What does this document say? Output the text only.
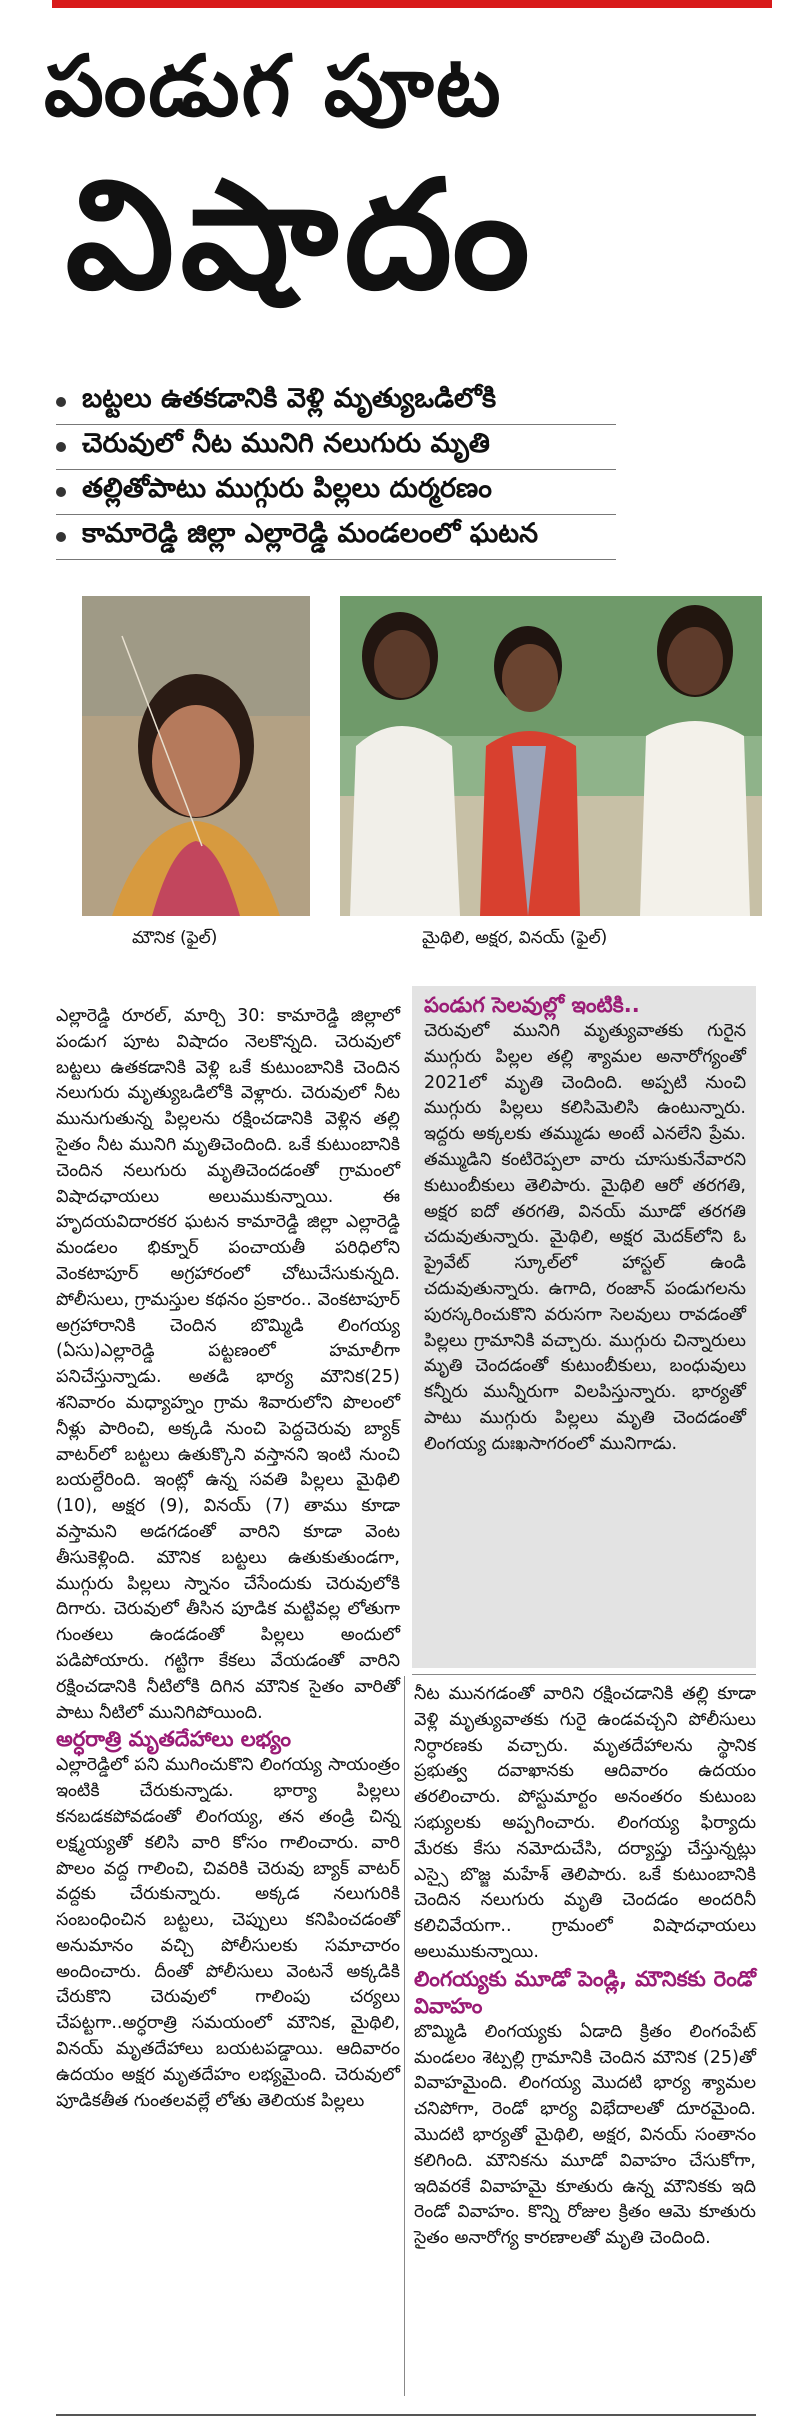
పండుగ పూట
విషాదం
బట్టలు ఉతకడానికి వెళ్లి మృత్యుఒడిలోకి
చెరువులో నీట మునిగి నలుగురు మృతి
తల్లితోపాటు ముగ్గురు పిల్లలు దుర్మరణం
కామారెడ్డి జిల్లా ఎల్లారెడ్డి మండలంలో ఘటన
మౌనిక (ఫైల్)	మైథిలి, అక్షర, వినయ్ (ఫైల్)

ఎల్లారెడ్డి రూరల్, మార్చి 30: కామారెడ్డి జిల్లాలో పండుగ పూట విషాదం నెలకొన్నది. చెరువులో బట్టలు ఉతకడానికి వెళ్లి ఒకే కుటుంబానికి చెందిన నలుగురు మృత్యుఒడిలోకి వెళ్లారు. చెరువులో నీట మునుగుతున్న పిల్లలను రక్షించడానికి వెళ్లిన తల్లి సైతం నీట మునిగి మృతిచెందింది. ఒకే కుటుంబానికి చెందిన నలుగురు మృతిచెందడంతో గ్రామంలో విషాదఛాయలు అలుముకున్నాయి. ఈ హృదయవిదారకర ఘటన కామారెడ్డి జిల్లా ఎల్లారెడ్డి మండలం భిక్నూర్ పంచాయతీ పరిధిలోని వెంకటాపూర్ అగ్రహారంలో చోటుచేసుకున్నది. పోలీసులు, గ్రామస్తుల కథనం ప్రకారం.. వెంకటాపూర్ అగ్రహారానికి చెందిన బొమ్మిడి లింగయ్య (ఏసు)ఎల్లారెడ్డి పట్టణంలో హమాలీగా పనిచేస్తున్నాడు. అతడి భార్య మౌనిక(25) శనివారం మధ్యాహ్నం గ్రామ శివారులోని పొలంలో నీళ్లు పారించి, అక్కడి నుంచి పెద్దచెరువు బ్యాక్ వాటర్‌లో బట్టలు ఉతుక్కొని వస్తానని ఇంటి నుంచి బయల్దేరింది. ఇంట్లో ఉన్న సవతి పిల్లలు మైథిలి (10), అక్షర (9), వినయ్ (7) తాము కూడా వస్తామని అడగడంతో వారిని కూడా వెంట తీసుకెళ్లింది. మౌనిక బట్టలు ఉతుకుతుండగా, ముగ్గురు పిల్లలు స్నానం చేసేందుకు చెరువులోకి దిగారు. చెరువులో తీసిన పూడిక మట్టివల్ల లోతుగా గుంతలు ఉండడంతో పిల్లలు అందులో పడిపోయారు. గట్టిగా కేకలు వేయడంతో వారిని రక్షించడానికి నీటిలోకి దిగిన మౌనిక సైతం వారితో పాటు నీటిలో మునిగిపోయింది.

అర్ధరాత్రి మృతదేహాలు లభ్యం

ఎల్లారెడ్డిలో పని ముగించుకొని లింగయ్య సాయంత్రం ఇంటికి చేరుకున్నాడు. భార్యా పిల్లలు కనబడకపోవడంతో లింగయ్య, తన తండ్రి చిన్న లక్ష్మయ్యతో కలిసి వారి కోసం గాలించారు. వారి పొలం వద్ద గాలించి, చివరికి చెరువు బ్యాక్ వాటర్ వద్దకు చేరుకున్నారు. అక్కడ నలుగురికి సంబంధించిన బట్టలు, చెప్పులు కనిపించడంతో అనుమానం వచ్చి పోలీసులకు సమాచారం అందించారు. దీంతో పోలీసులు వెంటనే అక్కడికి చేరుకొని చెరువులో గాలింపు చర్యలు చేపట్టగా..అర్ధరాత్రి సమయంలో మౌనిక, మైథిలి, వినయ్ మృతదేహాలు బయటపడ్డాయి. ఆదివారం ఉదయం అక్షర మృతదేహం లభ్యమైంది. చెరువులో పూడికతీత గుంతలవల్లే లోతు తెలియక పిల్లలు

పండుగ సెలవుల్లో ఇంటికి..

చెరువులో మునిగి మృత్యువాతకు గురైన ముగ్గురు పిల్లల తల్లి శ్యామల అనారోగ్యంతో 2021లో మృతి చెందింది. అప్పటి నుంచి ముగ్గురు పిల్లలు కలిసిమెలిసి ఉంటున్నారు. ఇద్దరు అక్కలకు తమ్ముడు అంటే ఎనలేని ప్రేమ. తమ్ముడిని కంటిరెప్పలా వారు చూసుకునేవారని కుటుంబీకులు తెలిపారు. మైథిలి ఆరో తరగతి, అక్షర ఐదో తరగతి, వినయ్ మూడో తరగతి చదువుతున్నారు. మైథిలి, అక్షర మెదక్‌లోని ఓ ప్రైవేట్ స్కూల్‌లో హాస్టల్ ఉండి చదువుతున్నారు. ఉగాది, రంజాన్ పండుగలను పురస్కరించుకొని వరుసగా సెలవులు రావడంతో పిల్లలు గ్రామానికి వచ్చారు. ముగ్గురు చిన్నారులు మృతి చెందడంతో కుటుంబీకులు, బంధువులు కన్నీరు మున్నీరుగా విలపిస్తున్నారు. భార్యతో పాటు ముగ్గురు పిల్లలు మృతి చెందడంతో లింగయ్య దుఃఖసాగరంలో మునిగాడు.

నీట మునగడంతో వారిని రక్షించడానికి తల్లి కూడా వెళ్లి మృత్యువాతకు గురై ఉండవచ్చని పోలీసులు నిర్ధారణకు వచ్చారు. మృతదేహాలను స్థానిక ప్రభుత్వ దవాఖానకు ఆదివారం ఉదయం తరలించారు. పోస్టుమార్టం అనంతరం కుటుంబ సభ్యులకు అప్పగించారు. లింగయ్య ఫిర్యాదు మేరకు కేసు నమోదుచేసి, దర్యాప్తు చేస్తున్నట్లు ఎస్సై బొజ్జ మహేశ్ తెలిపారు. ఒకే కుటుంబానికి చెందిన నలుగురు మృతి చెందడం అందరినీ కలిచివేయగా.. గ్రామంలో విషాదఛాయలు అలుముకున్నాయి.

లింగయ్యకు మూడో పెండ్లి, మౌనికకు రెండో వివాహం

బొమ్మిడి లింగయ్యకు ఏడాది క్రితం లింగంపేట్ మండలం శెట్పల్లి గ్రామానికి చెందిన మౌనిక (25)తో వివాహమైంది. లింగయ్య మొదటి భార్య శ్యామల చనిపోగా, రెండో భార్య విభేదాలతో దూరమైంది. మొదటి భార్యతో మైథిలి, అక్షర, వినయ్ సంతానం కలిగింది. మౌనికను మూడో వివాహం చేసుకోగా, ఇదివరకే వివాహమై కూతురు ఉన్న మౌనికకు ఇది రెండో వివాహం. కొన్ని రోజుల క్రితం ఆమె కూతురు సైతం అనారోగ్య కారణాలతో మృతి చెందింది.
